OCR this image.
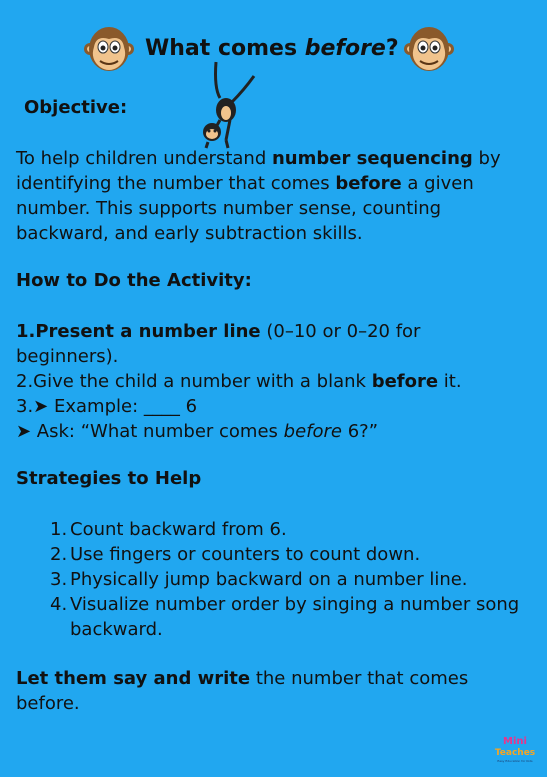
What comes before?
Objective:

To help children understand number sequencing by identifying the number that comes before a given number. This supports number sense, counting backward, and early subtraction skills.

How to Do the Activity:
1.Present a number line (0–10 or 0–20 for
beginners).
2.Give the child a number with a blank before it.
3.➤ Example: ____ 6
➤ Ask: “What number comes before 6?”
Strategies to Help
1. Count backward from 6.
2. Use fingers or counters to count down.
3. Physically jump backward on a number line.
4. Visualize number order by singing a number song backward.

Let them say and write the number that comes before.

Mini
Teaches
Easy Education for Kids
